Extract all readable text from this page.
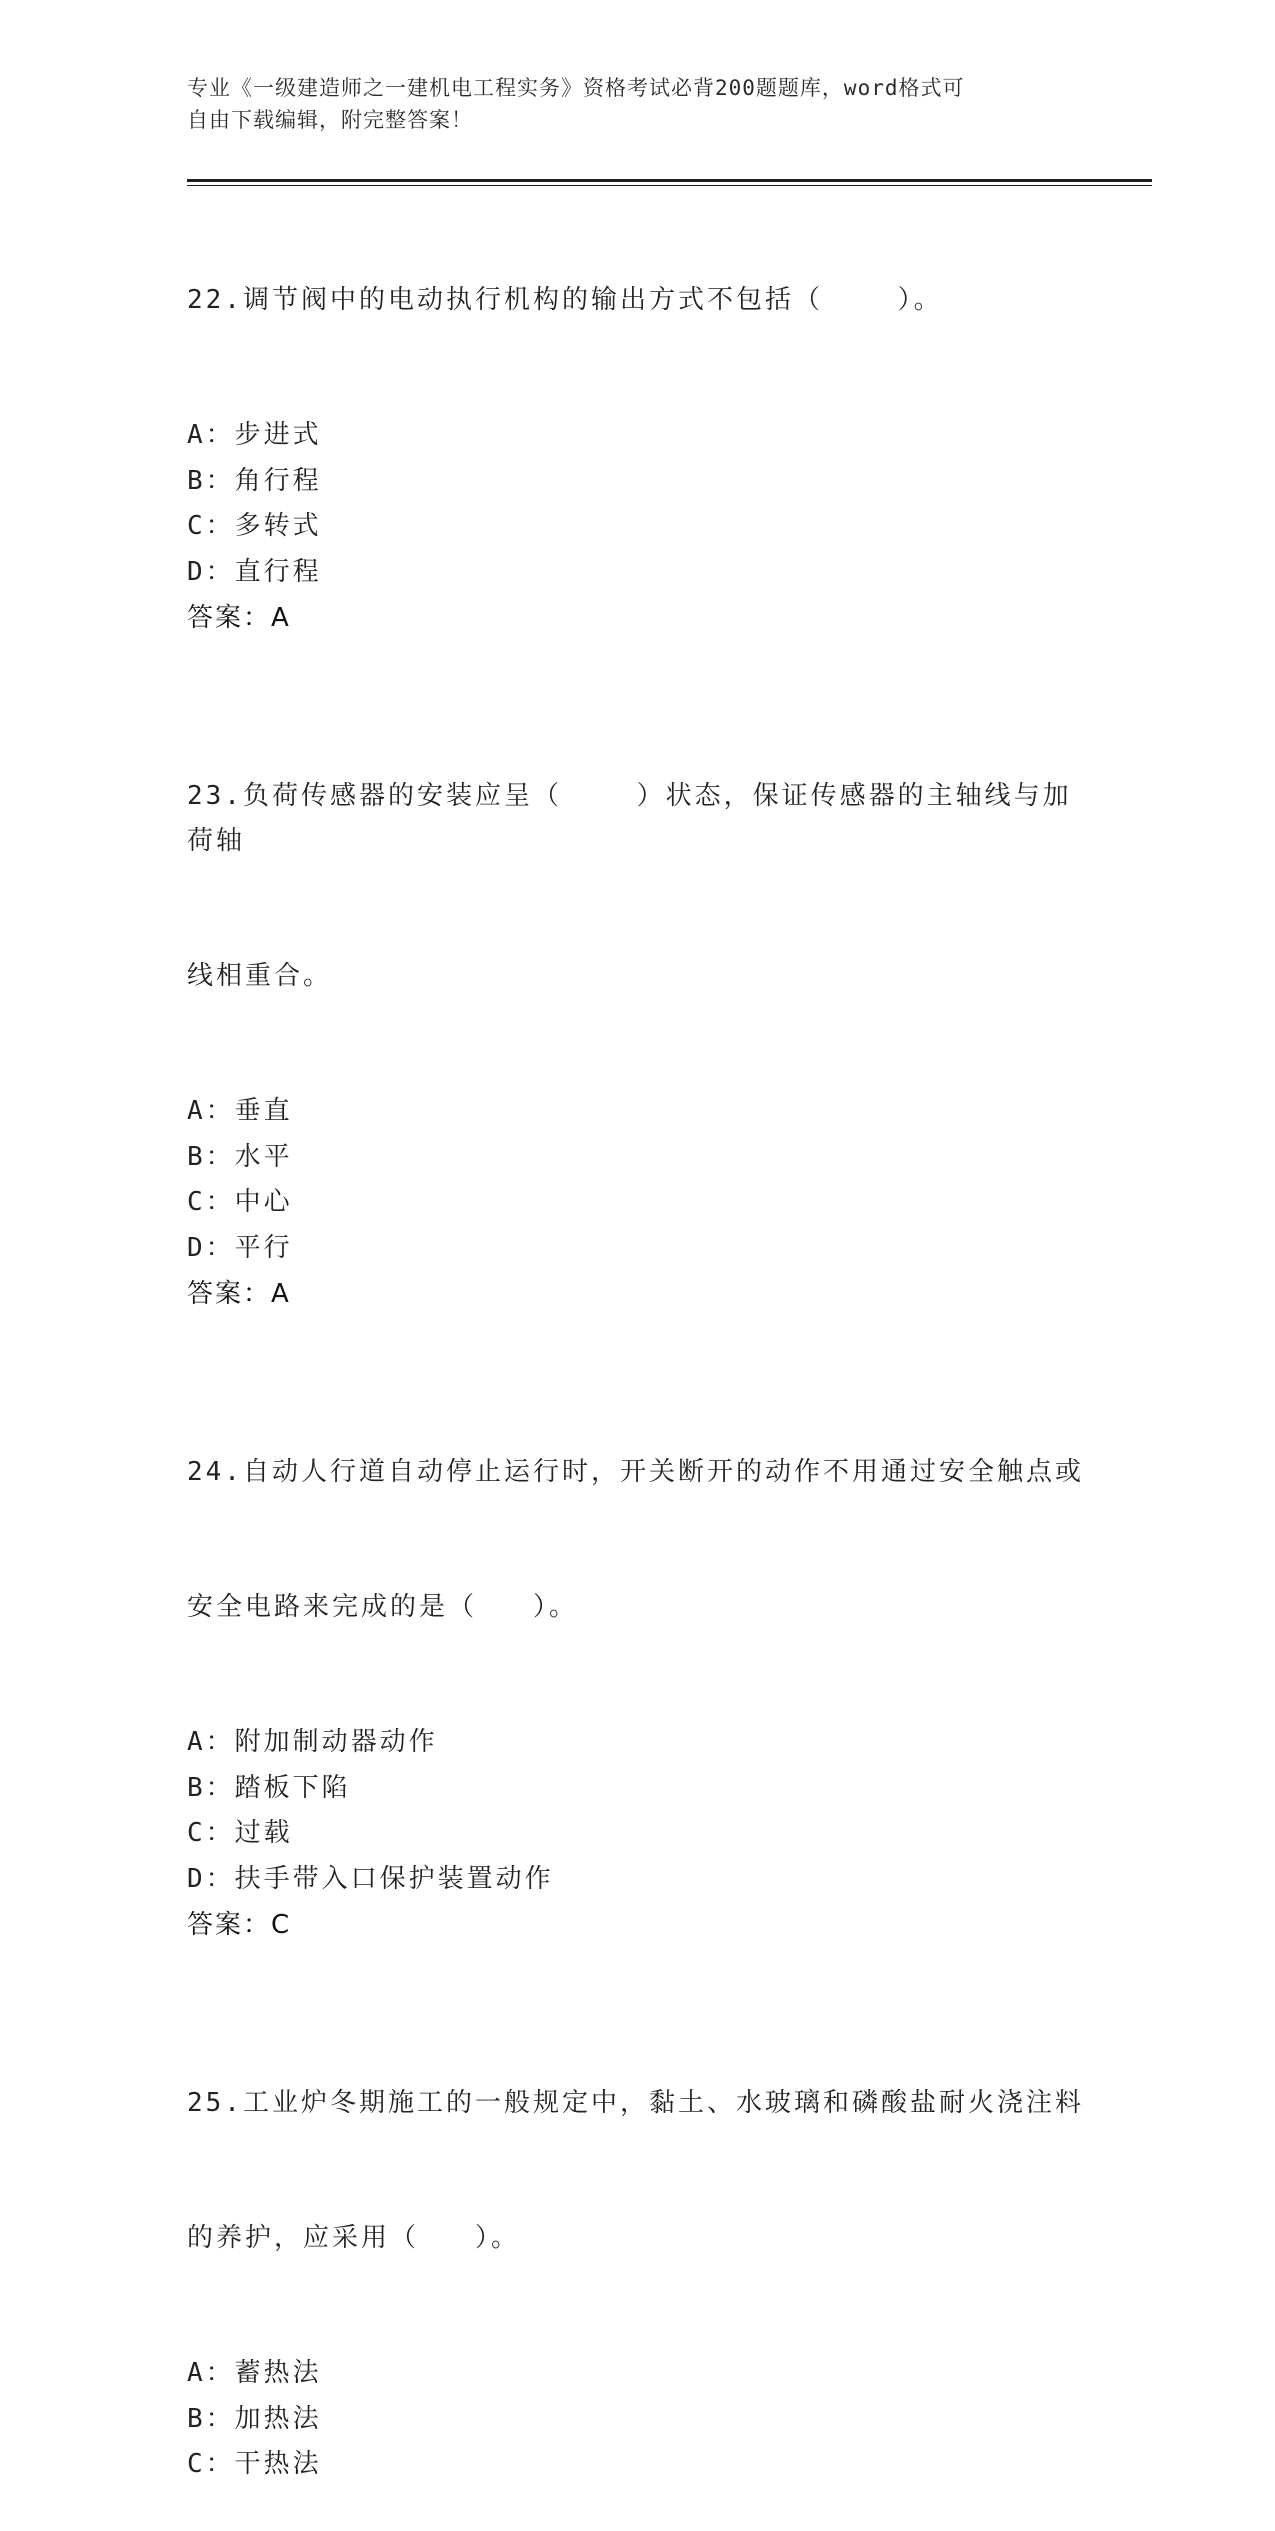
专业《一级建造师之一建机电工程实务》资格考试必背200题题库，word格式可
自由下载编辑，附完整答案！

22.调节阀中的电动执行机构的输出方式不包括（    ）。

A：步进式
B：角行程
C：多转式
D：直行程
答案：A

23.负荷传感器的安装应呈（    ）状态，保证传感器的主轴线与加荷轴

线相重合。

A：垂直
B：水平
C：中心
D：平行
答案：A

24.自动人行道自动停止运行时，开关断开的动作不用通过安全触点或

安全电路来完成的是（   ）。

A：附加制动器动作
B：踏板下陷
C：过载
D：扶手带入口保护装置动作
答案：C

25.工业炉冬期施工的一般规定中，黏土、水玻璃和磷酸盐耐火浇注料

的养护，应采用（   ）。

A：蓄热法
B：加热法
C：干热法
